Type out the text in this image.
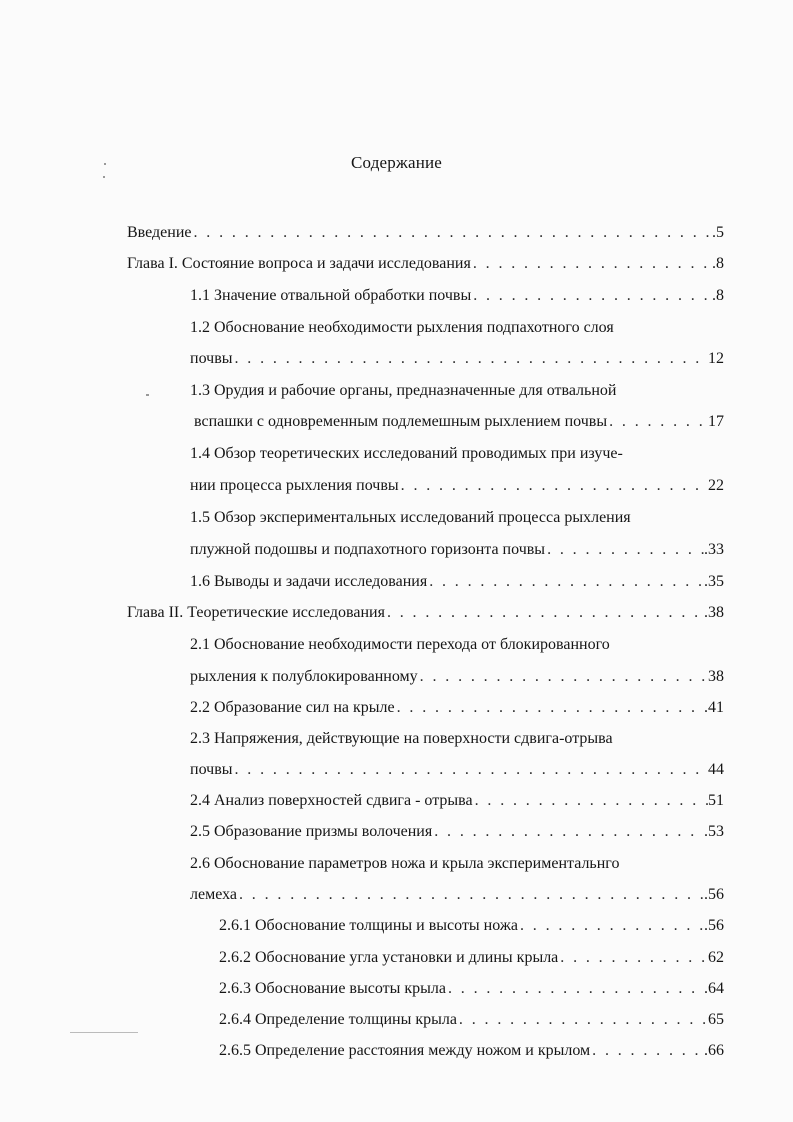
Содержание
Введение . . .	.5
Глава I. Состояние вопроса и задачи исследования . . .	.8
1.1 Значение отвальной обработки почвы . . .	.8
1.2 Обоснование необходимости рыхления подпахотного слоя
почвы . . .	12
1.3 Орудия и рабочие органы, предназначенные для отвальной
вспашки с одновременным подлемешным рыхлением почвы . . .	17
1.4 Обзор теоретических исследований проводимых при изуче-
нии процесса рыхления почвы . . .	22
1.5 Обзор экспериментальных исследований процесса рыхления
плужной подошвы и подпахотного горизонта почвы . . .	.33
1.6 Выводы и задачи исследования . . .	.35
Глава II. Теоретические исследования . . .	.38
2.1 Обоснование необходимости перехода от блокированного
рыхления к полублокированному . . .	38
2.2 Образование сил на крыле . . .	.41
2.3 Напряжения, действующие на поверхности сдвига-отрыва
почвы . . .	44
2.4 Анализ поверхностей сдвига - отрыва . . .	51
2.5 Образование призмы волочения . . .	.53
2.6 Обоснование параметров ножа и крыла экспериментальнго
лемеха . . .	.56
2.6.1 Обоснование толщины и высоты ножа . . .	.56
2.6.2 Обоснование угла установки и длины крыла . . .	62
2.6.3 Обоснование высоты крыла . . .	.64
2.6.4 Определение толщины крыла . . .	65
2.6.5 Определение расстояния между ножом и крылом . . .	.66
